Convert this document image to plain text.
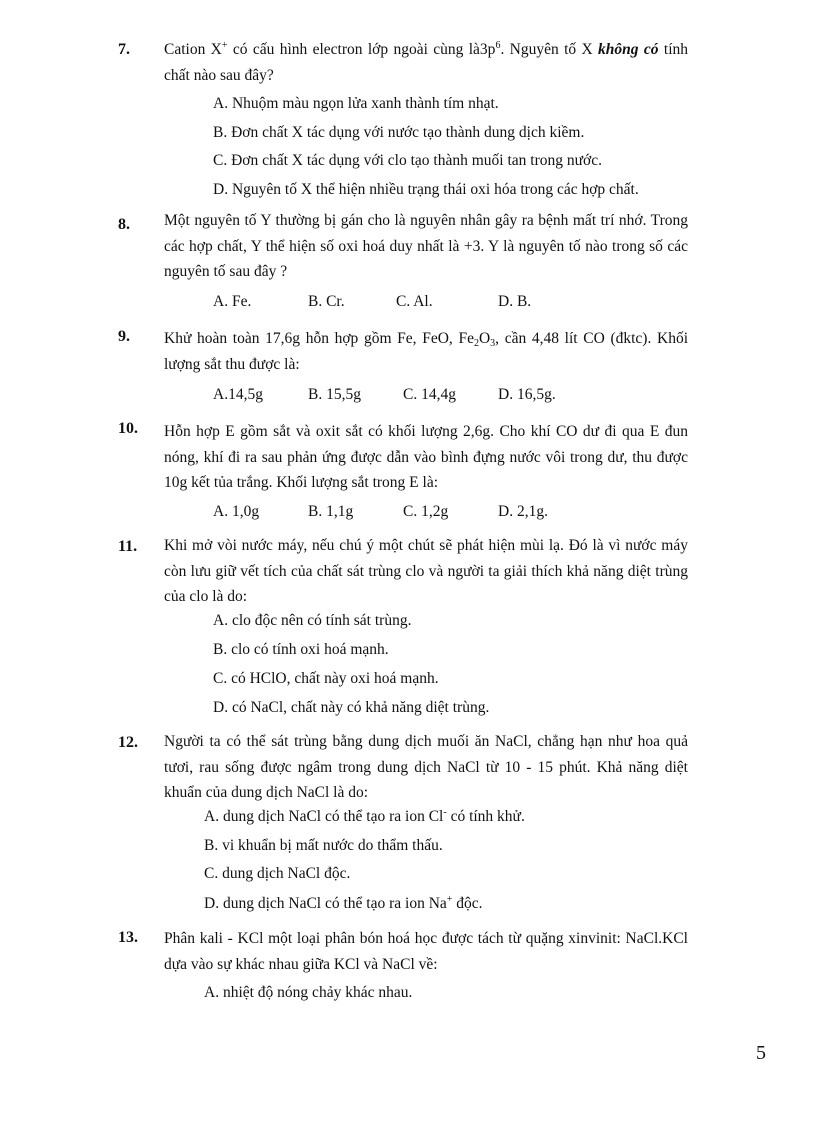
7.	Cation X+ có cấu hình electron lớp ngoài cùng $là3p^6$. Nguyên tố X không có tính chất nào sau đây?
A. Nhuộm màu ngọn lửa xanh thành tím nhạt.
B. Đơn chất X tác dụng với nước tạo thành dung dịch kiềm.
C. Đơn chất X tác dụng với clo tạo thành muối tan trong nước.
D. Nguyên tố X thể hiện nhiều trạng thái oxi hóa trong các hợp chất.
8.	Một nguyên tố Y thường bị gán cho là nguyên nhân gây ra bệnh mất trí nhớ. Trong các hợp chất, Y thể hiện số oxi hoá duy nhất là +3. Y là nguyên tố nào trong số các nguyên tố sau đây ?
A. Fe.	B. Cr.	C. Al.	D. B.
9.	Khử hoàn toàn 17,6g hỗn hợp gồm Fe, FeO, $Fe_2O_3$, cần 4,48 lít CO (đktc). Khối lượng sắt thu được là:
A.14,5g	B. 15,5g	C. 14,4g	D. 16,5g.
10.	Hỗn hợp E gồm sắt và oxit sắt có khối lượng 2,6g. Cho khí CO dư đi qua E đun nóng, khí đi ra sau phản ứng được dẫn vào bình đựng nước vôi trong dư, thu được 10g kết tủa trắng. Khối lượng sắt trong E là:
A. 1,0g	B. 1,1g	C. 1,2g	D. 2,1g.
11.	Khi mở vòi nước máy, nếu chú ý một chút sẽ phát hiện mùi lạ. Đó là vì nước máy còn lưu giữ vết tích của chất sát trùng clo và người ta giải thích khả năng diệt trùng của clo là do:
A. clo độc nên có tính sát trùng.
B. clo có tính oxi hoá mạnh.
C. có HClO, chất này oxi hoá mạnh.
D. có NaCl, chất này có khả năng diệt trùng.
12.	Người ta có thể sát trùng bằng dung dịch muối ăn NaCl, chẳng hạn như hoa quả tươi, rau sống được ngâm trong dung dịch NaCl từ 10 - 15 phút. Khả năng diệt khuẩn của dung dịch NaCl là do:
A. dung dịch NaCl có thể tạo ra ion Cl- có tính khử.
B. vi khuẩn bị mất nước do thẩm thấu.
C. dung dịch NaCl độc.
D. dung dịch NaCl có thể tạo ra ion Na+ độc.
13.	Phân kali - KCl một loại phân bón hoá học được tách từ quặng xinvinit: NaCl.KCl dựa vào sự khác nhau giữa KCl và NaCl về:
A. nhiệt độ nóng chảy khác nhau.
5
